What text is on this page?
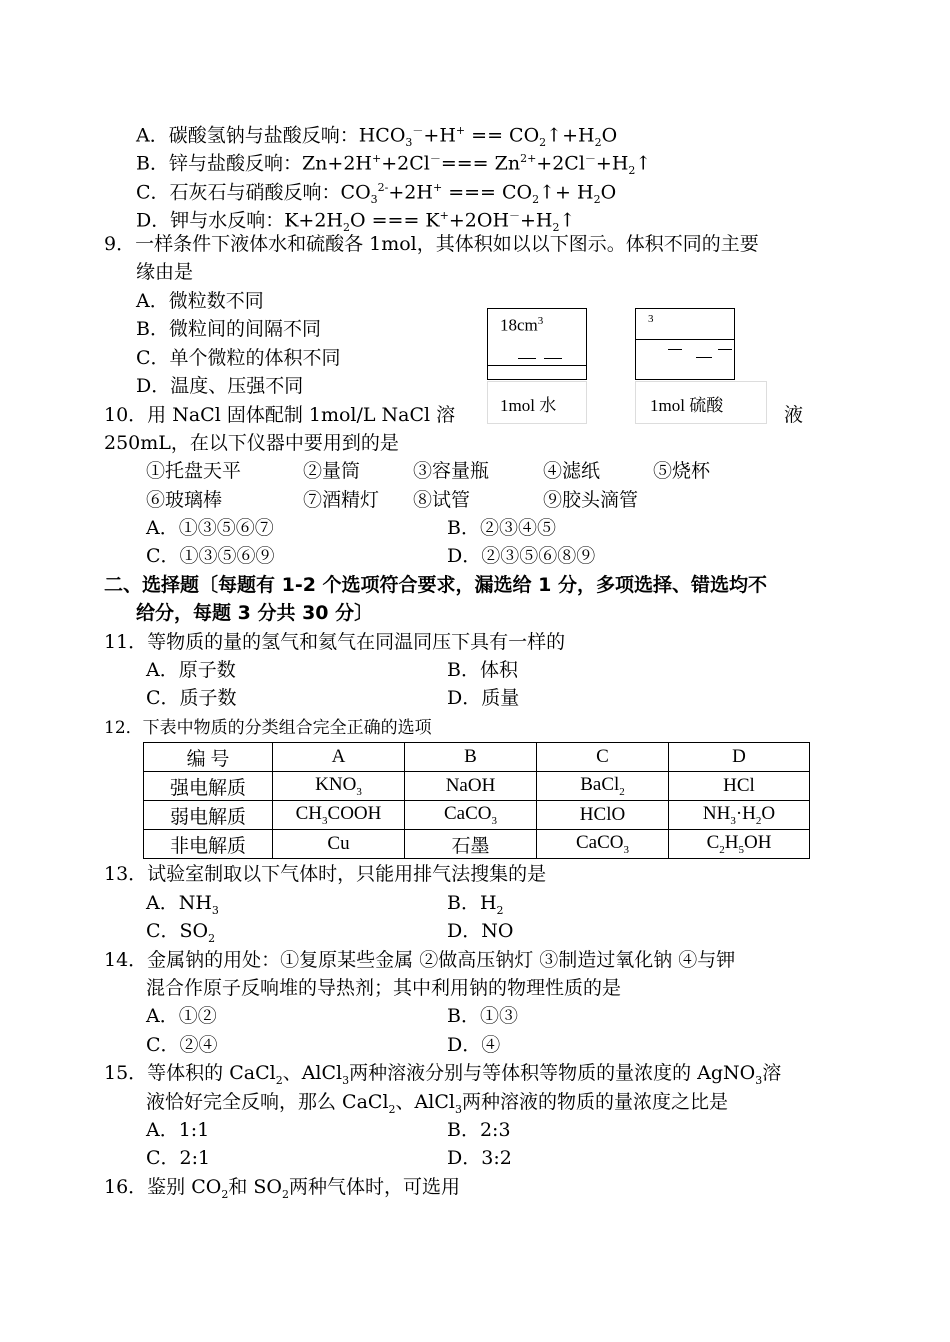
A．碳酸氢钠与盐酸反响：$HCO_3^-+H^+$ == $CO_2↑+H_2O$
B．锌与盐酸反响：$Zn+2H^++2Cl^-=== Zn^{2+}+2Cl^-+H_2↑$
C．石灰石与硝酸反响：$CO_3^{2-}+2H^+$ === $CO_2↑+ H_2O$
D．钾与水反响：$K+2H_2O$ === $K^++2OH^-+H_2↑$
9．一样条件下液体水和硫酸各 1mol，其体积如以以下图示。体积不同的主要
缘由是
A．微粒数不同
B．微粒间的间隔不同
C．单个微粒的体积不同
D．温度、压强不同
$18cm^3$
1mol 水
3
1mol 硫酸
10．用 NaCl 固体配制 1mol/L NaCl 溶	液
250mL，在以下仪器中要用到的是
①托盘天平	②量筒	③容量瓶	④滤纸	⑤烧杯
⑥玻璃棒	⑦酒精灯 ⑧试管	⑨胶头滴管
A．①③⑤⑥⑦	B．②③④⑤
C．①③⑤⑥⑨	D．②③⑤⑥⑧⑨
二、选择题〔每题有 1-2 个选项符合要求，漏选给 1 分，多项选择、错选均不
给分，每题 3 分共 30 分〕
11．等物质的量的氢气和氦气在同温同压下具有一样的
A．原子数	B．体积
C．质子数	D．质量
12．下表中物质的分类组合完全正确的选项
编 号	A	B	C	D
强电解质	$KNO_3$	NaOH	BaCl$_2$	HCl
弱电解质	$CH_3COOH$	CaCO$_3$	HClO	$NH_3\cdot H_2O$
非电解质	Cu	石墨	CaCO$_3$	$C_2H_5OH$
13．试验室制取以下气体时，只能用排气法搜集的是
A．$NH_3$	B．$H_2$
C．$SO_2$	D．NO
14．金属钠的用处：①复原某些金属 ②做高压钠灯 ③制造过氧化钠 ④与钾
混合作原子反响堆的导热剂；其中利用钠的物理性质的是
A．①②	B．①③
C．②④	D．④
15．等体积的 CaCl$_2$、AlCl$_3$两种溶液分别与等体积等物质的量浓度的 AgNO$_3$溶
液恰好完全反响，那么 CaCl$_2$、AlCl$_3$两种溶液的物质的量浓度之比是
A．1:1	B．2:3
C．2:1	D．3:2
16．鉴别 $CO_2$和 $SO_2$两种气体时，可选用
